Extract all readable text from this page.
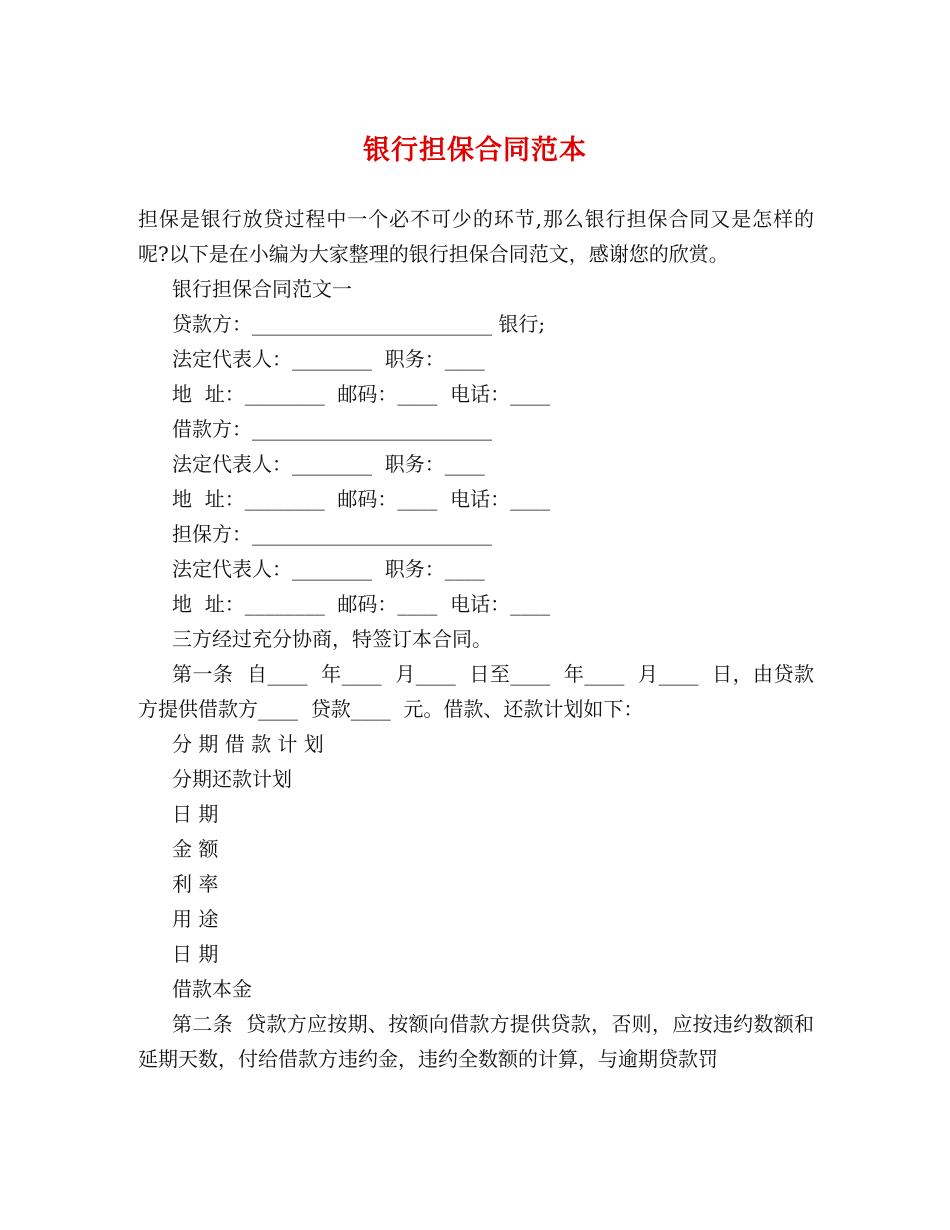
银行担保合同范本

担保是银行放贷过程中一个必不可少的环节,那么银行担保合同又是怎样的呢?以下是在小编为大家整理的银行担保合同范文，感谢您的欣赏。

银行担保合同范文一

贷款方：________________________ 银行;

法定代表人：________  职务：____

地  址：________  邮码：____  电话：____

借款方：________________________

法定代表人：________  职务：____

地  址：________  邮码：____  电话：____

担保方：________________________

法定代表人：________  职务：____

地  址：________  邮码：____  电话：____

三方经过充分协商，特签订本合同。

第一条  自____  年____  月____  日至____  年____  月____  日，由贷款方提供借款方____  贷款____  元。借款、还款计划如下：

分 期 借 款 计 划

分期还款计划

日 期

金 额

利 率

用 途

日 期

借款本金

第二条  贷款方应按期、按额向借款方提供贷款，否则，应按违约数额和延期天数，付给借款方违约金，违约全数额的计算，与逾期贷款罚
